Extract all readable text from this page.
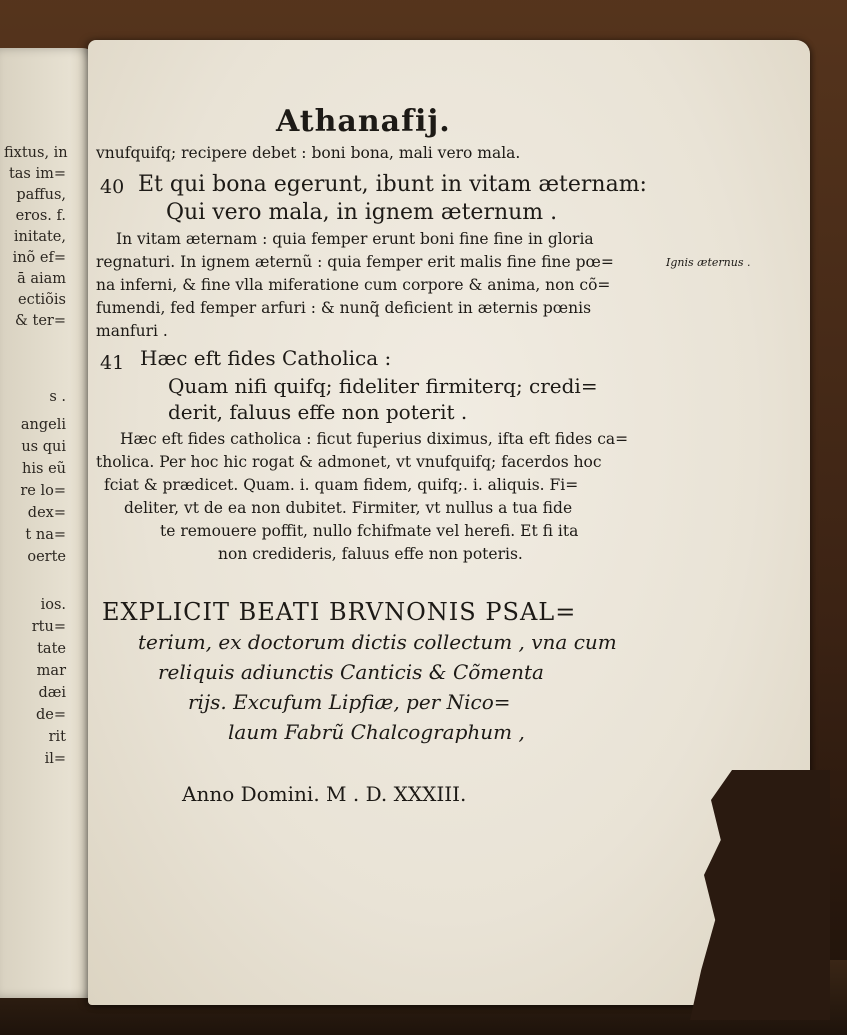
fixtus, in
tas im=
paffus,
eros. f.
initate,
inõ ef=
ā aiam
ectiõis
& ter=
s .
angeli
us qui
his eũ
re lo=
dex=
t na=
oerte
ios.
rtu=
tate
mar
dæi
de=
rit
il=
Athanafij.
vnufquifq; recipere debet : boni bona, mali vero mala.
40 Et qui bona egerunt, ibunt in vitam æternam:
Qui vero mala, in ignem æternum .
In vitam æternam : quia femper erunt boni fine fine in gloria
regnaturi. In ignem æternũ : quia femper erit malis fine fine pœ=
na inferni, & fine vlla miferatione cum corpore & anima, non cõ=
fumendi, fed femper arfuri : & nunq̃ deficient in æternis pœnis
manfuri .
Ignis æternus .
41 Hæc eft fides Catholica :
Quam nifi quifq; fideliter firmiterq; credi=
derit, faluus effe non poterit .
Hæc eft fides catholica : ficut fuperius diximus, ifta eft fides ca=
tholica. Per hoc hic rogat & admonet, vt vnufquifq; facerdos hoc
fciat & prædicet. Quam. i. quam fidem, quifq;. i. aliquis. Fi=
deliter, vt de ea non dubitet. Firmiter, vt nullus a tua fide
te remouere poffit, nullo fchifmate vel herefi. Et fi ita
non credideris, faluus effe non poteris.
EXPLICIT BEATI BRVNONIS PSAL=
terium, ex doctorum dictis collectum , vna cum
reliquis adiunctis Canticis & Cõmenta
rijs. Excufum Lipfiæ, per Nico=
laum Fabrũ Chalcographum ,
Anno Domini. M . D. XXXIII.
